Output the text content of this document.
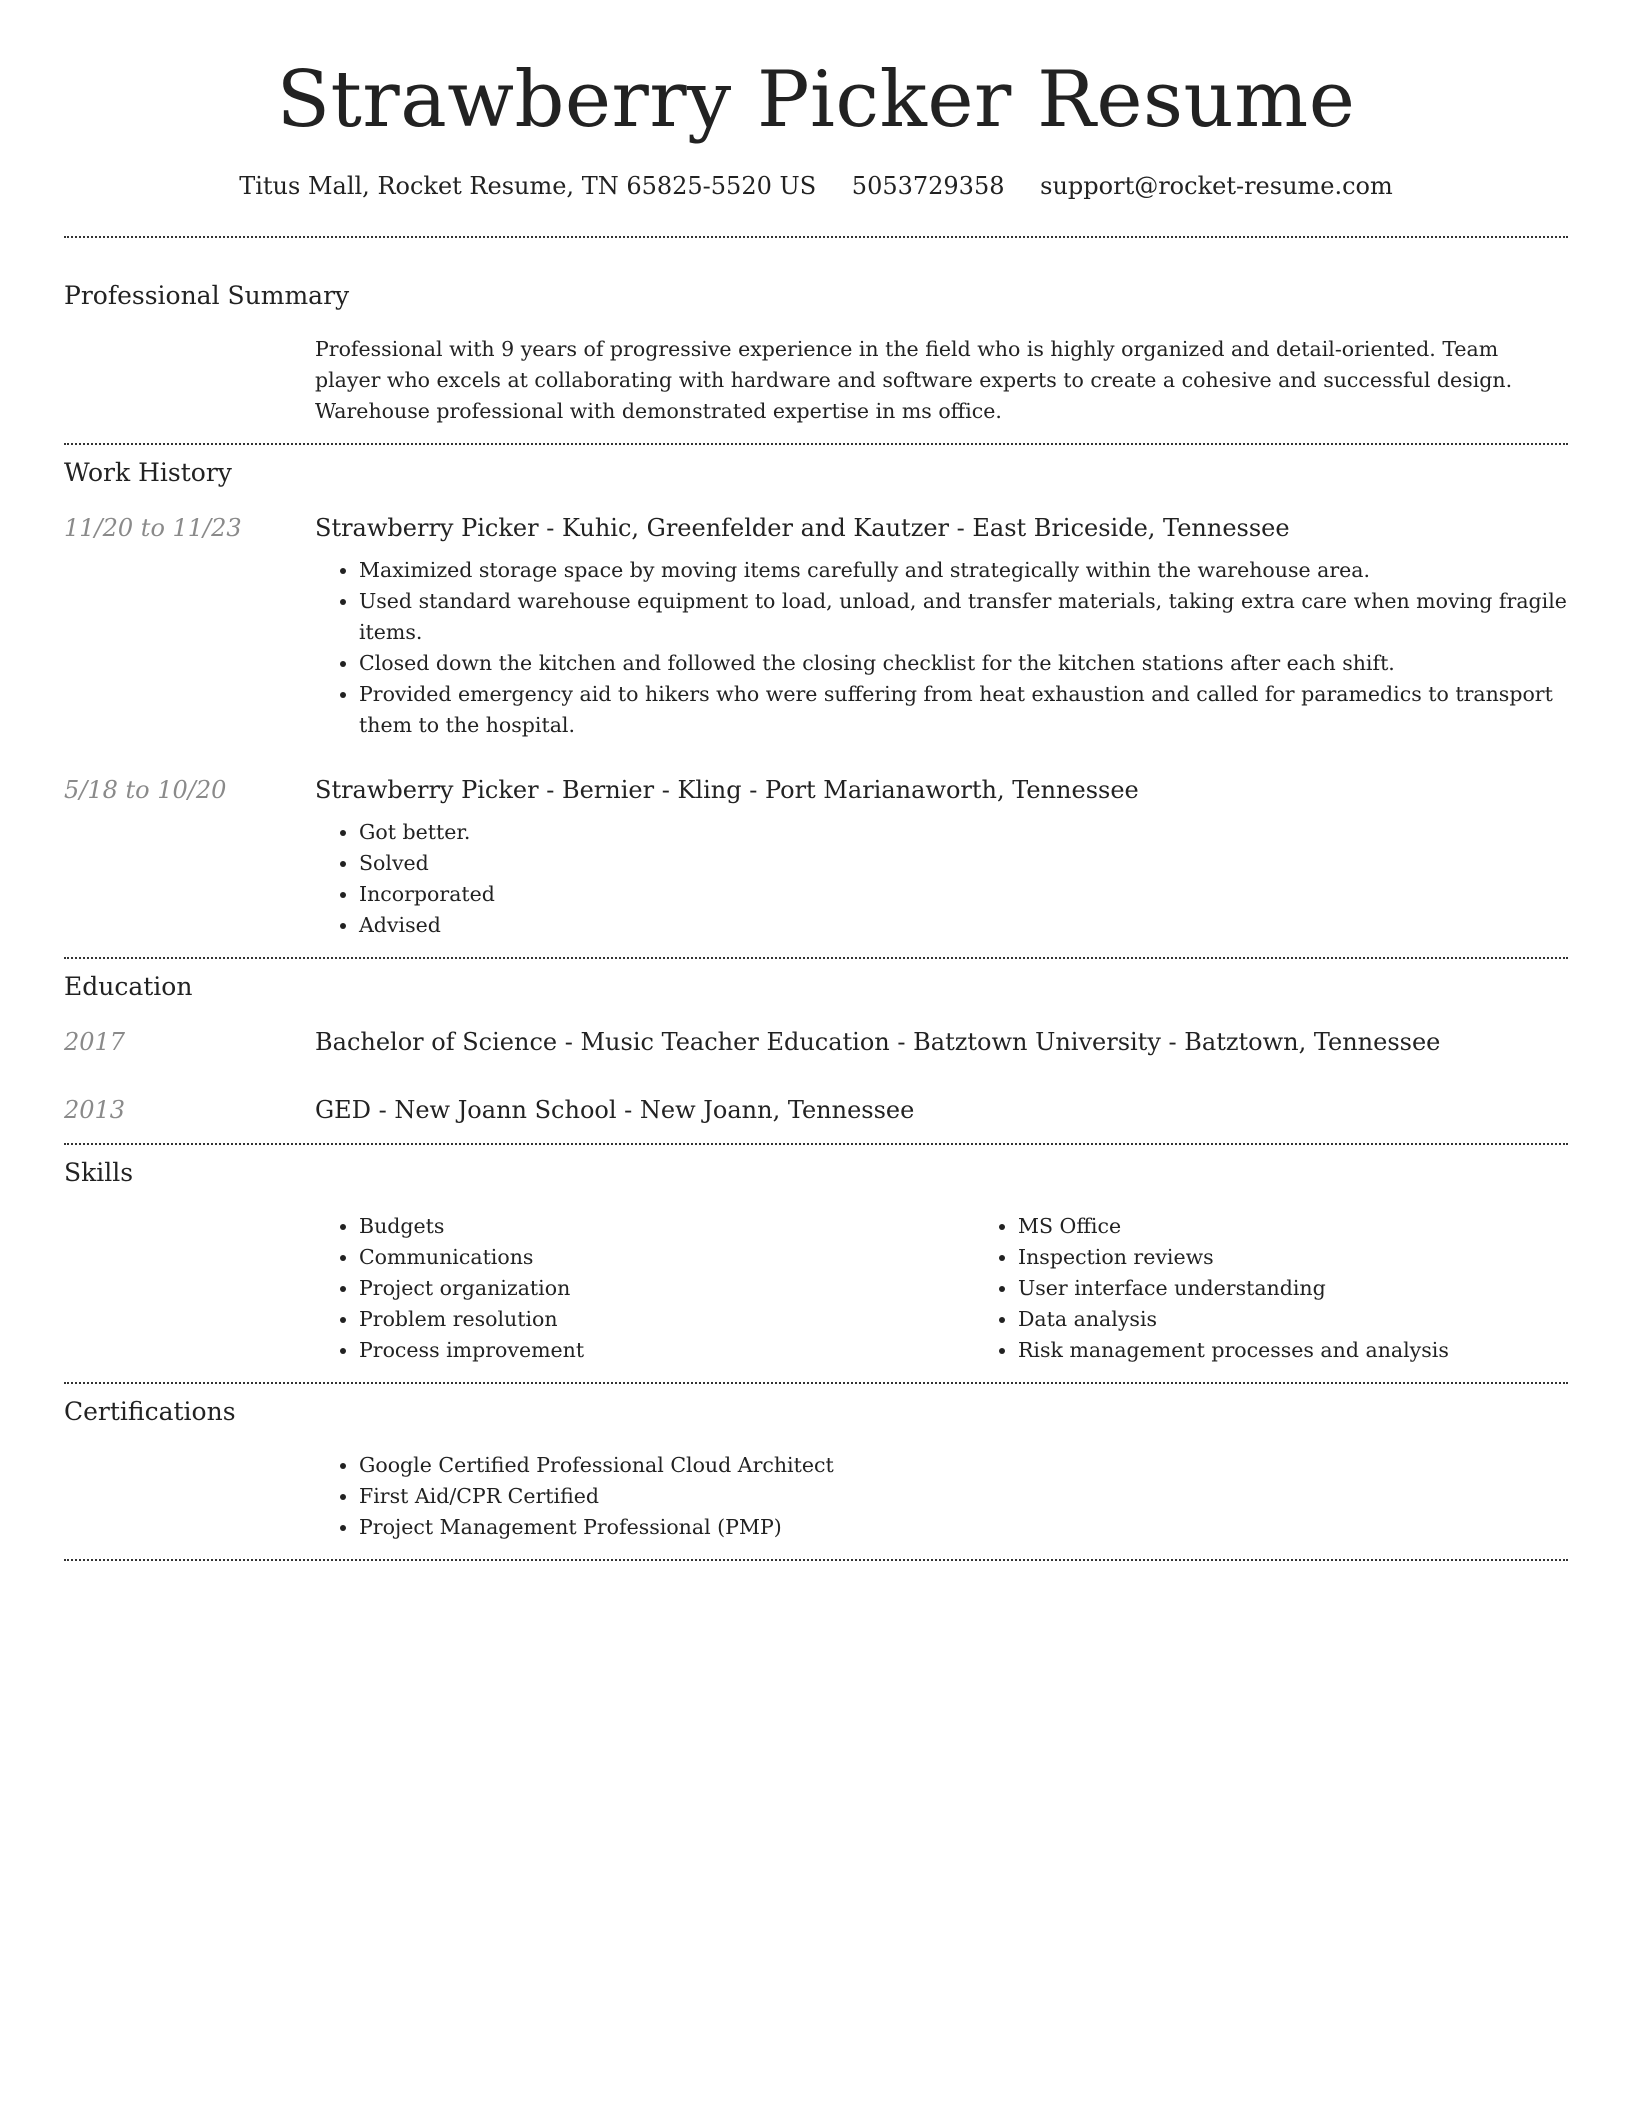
Strawberry Picker Resume
Titus Mall, Rocket Resume, TN 65825-5520 US 5053729358 support@rocket-resume.com
Professional Summary
Professional with 9 years of progressive experience in the field who is highly organized and detail-oriented. Team player who excels at collaborating with hardware and software experts to create a cohesive and successful design. Warehouse professional with demonstrated expertise in ms office.
Work History
11/20 to 11/23	Strawberry Picker - Kuhic, Greenfelder and Kautzer - East Briceside, Tennessee
• Maximized storage space by moving items carefully and strategically within the warehouse area.
• Used standard warehouse equipment to load, unload, and transfer materials, taking extra care when moving fragile items.
• Closed down the kitchen and followed the closing checklist for the kitchen stations after each shift.
• Provided emergency aid to hikers who were suffering from heat exhaustion and called for paramedics to transport them to the hospital.
5/18 to 10/20	Strawberry Picker - Bernier - Kling - Port Marianaworth, Tennessee
• Got better.
• Solved
• Incorporated
• Advised
Education
2017	Bachelor of Science - Music Teacher Education - Batztown University - Batztown, Tennessee
2013	GED - New Joann School - New Joann, Tennessee
Skills
• Budgets
• Communications
• Project organization
• Problem resolution
• Process improvement
• MS Office
• Inspection reviews
• User interface understanding
• Data analysis
• Risk management processes and analysis
Certifications
• Google Certified Professional Cloud Architect
• First Aid/CPR Certified
• Project Management Professional (PMP)
